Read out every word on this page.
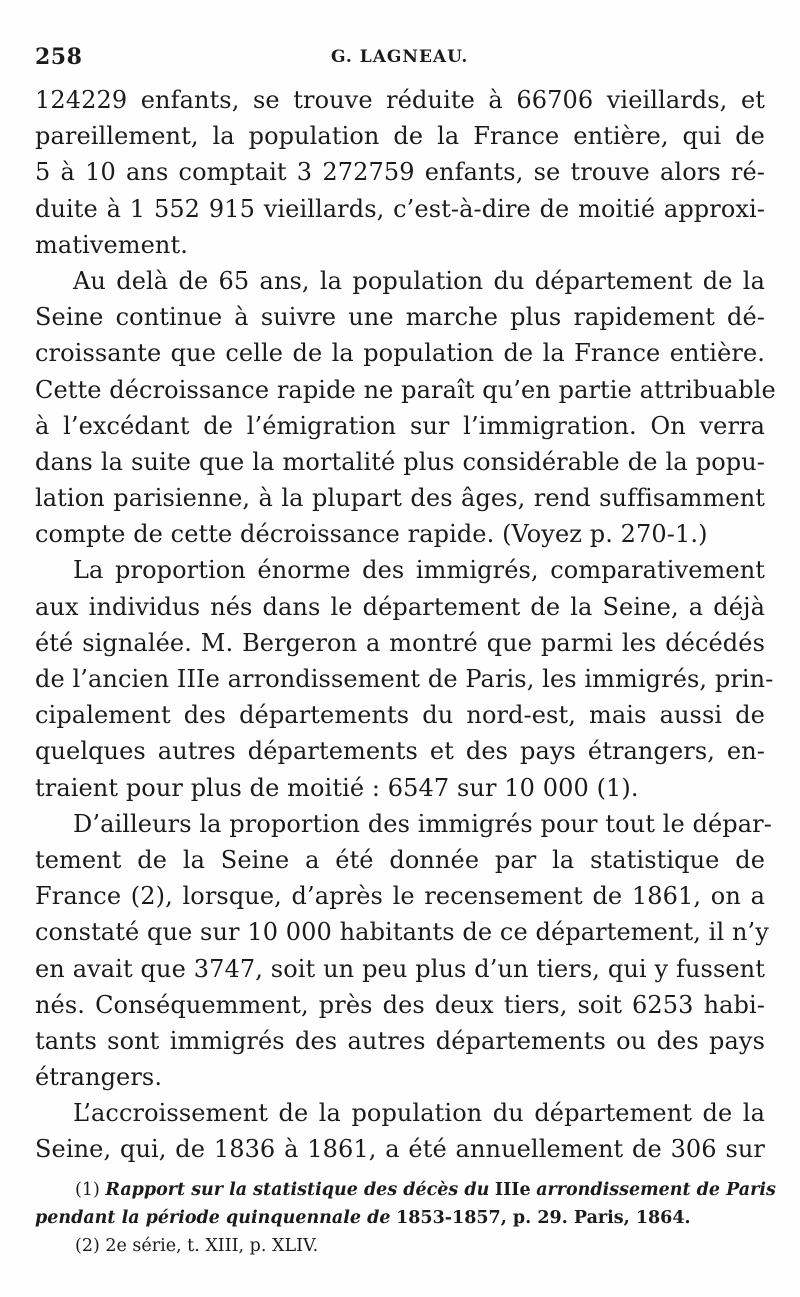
258	G. LAGNEAU.
124229 enfants, se trouve réduite à 66706 vieillards, et
pareillement, la population de la France entière, qui de
5 à 10 ans comptait 3 272759 enfants, se trouve alors ré-
duite à 1 552 915 vieillards, c’est-à-dire de moitié approxi-
mativement.
Au delà de 65 ans, la population du département de la
Seine continue à suivre une marche plus rapidement dé-
croissante que celle de la population de la France entière.
Cette décroissance rapide ne paraît qu’en partie attribuable
à l’excédant de l’émigration sur l’immigration. On verra
dans la suite que la mortalité plus considérable de la popu-
lation parisienne, à la plupart des âges, rend suffisamment
compte de cette décroissance rapide. (Voyez p. 270-1.)
La proportion énorme des immigrés, comparativement
aux individus nés dans le département de la Seine, a déjà
été signalée. M. Bergeron a montré que parmi les décédés
de l’ancien IIIe arrondissement de Paris, les immigrés, prin-
cipalement des départements du nord-est, mais aussi de
quelques autres départements et des pays étrangers, en-
traient pour plus de moitié : 6547 sur 10 000 (1).
D’ailleurs la proportion des immigrés pour tout le dépar-
tement de la Seine a été donnée par la statistique de
France (2), lorsque, d’après le recensement de 1861, on a
constaté que sur 10 000 habitants de ce département, il n’y
en avait que 3747, soit un peu plus d’un tiers, qui y fussent
nés. Conséquemment, près des deux tiers, soit 6253 habi-
tants sont immigrés des autres départements ou des pays
étrangers.
L’accroissement de la population du département de la
Seine, qui, de 1836 à 1861, a été annuellement de 306 sur
(1) Rapport sur la statistique des décès du IIIe arrondissement de Paris
pendant la période quinquennale de 1853-1857, p. 29. Paris, 1864.
(2) 2e série, t. XIII, p. XLIV.
